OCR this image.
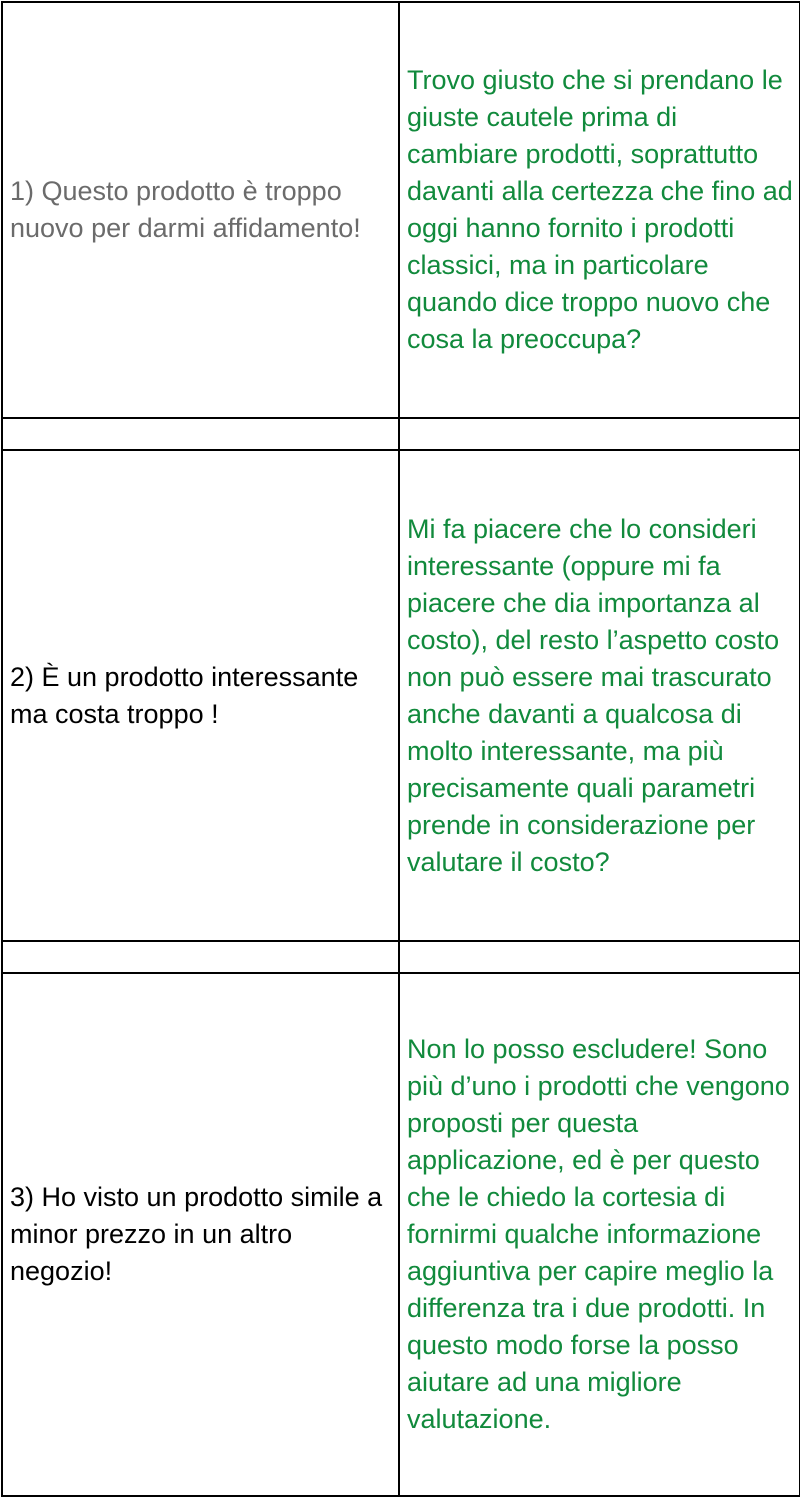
1) Questo prodotto è troppo nuovo per darmi affidamento!	Trovo giusto che si prendano le giuste cautele prima di cambiare prodotti, soprattutto davanti alla certezza che fino ad oggi hanno fornito i prodotti classici, ma in particolare quando dice troppo nuovo che cosa la preoccupa?

2) È un prodotto interessante ma costa troppo !	Mi fa piacere che lo consideri interessante (oppure mi fa piacere che dia importanza al costo), del resto l’aspetto costo non può essere mai trascurato anche davanti a qualcosa di molto interessante, ma più precisamente quali parametri prende in considerazione per valutare il costo?

3) Ho visto un prodotto simile a minor prezzo in un altro negozio!	Non lo posso escludere! Sono più d’uno i prodotti che vengono proposti per questa applicazione, ed è per questo che le chiedo la cortesia di fornirmi qualche informazione aggiuntiva per capire meglio la differenza tra i due prodotti. In questo modo forse la posso aiutare ad una migliore valutazione.
